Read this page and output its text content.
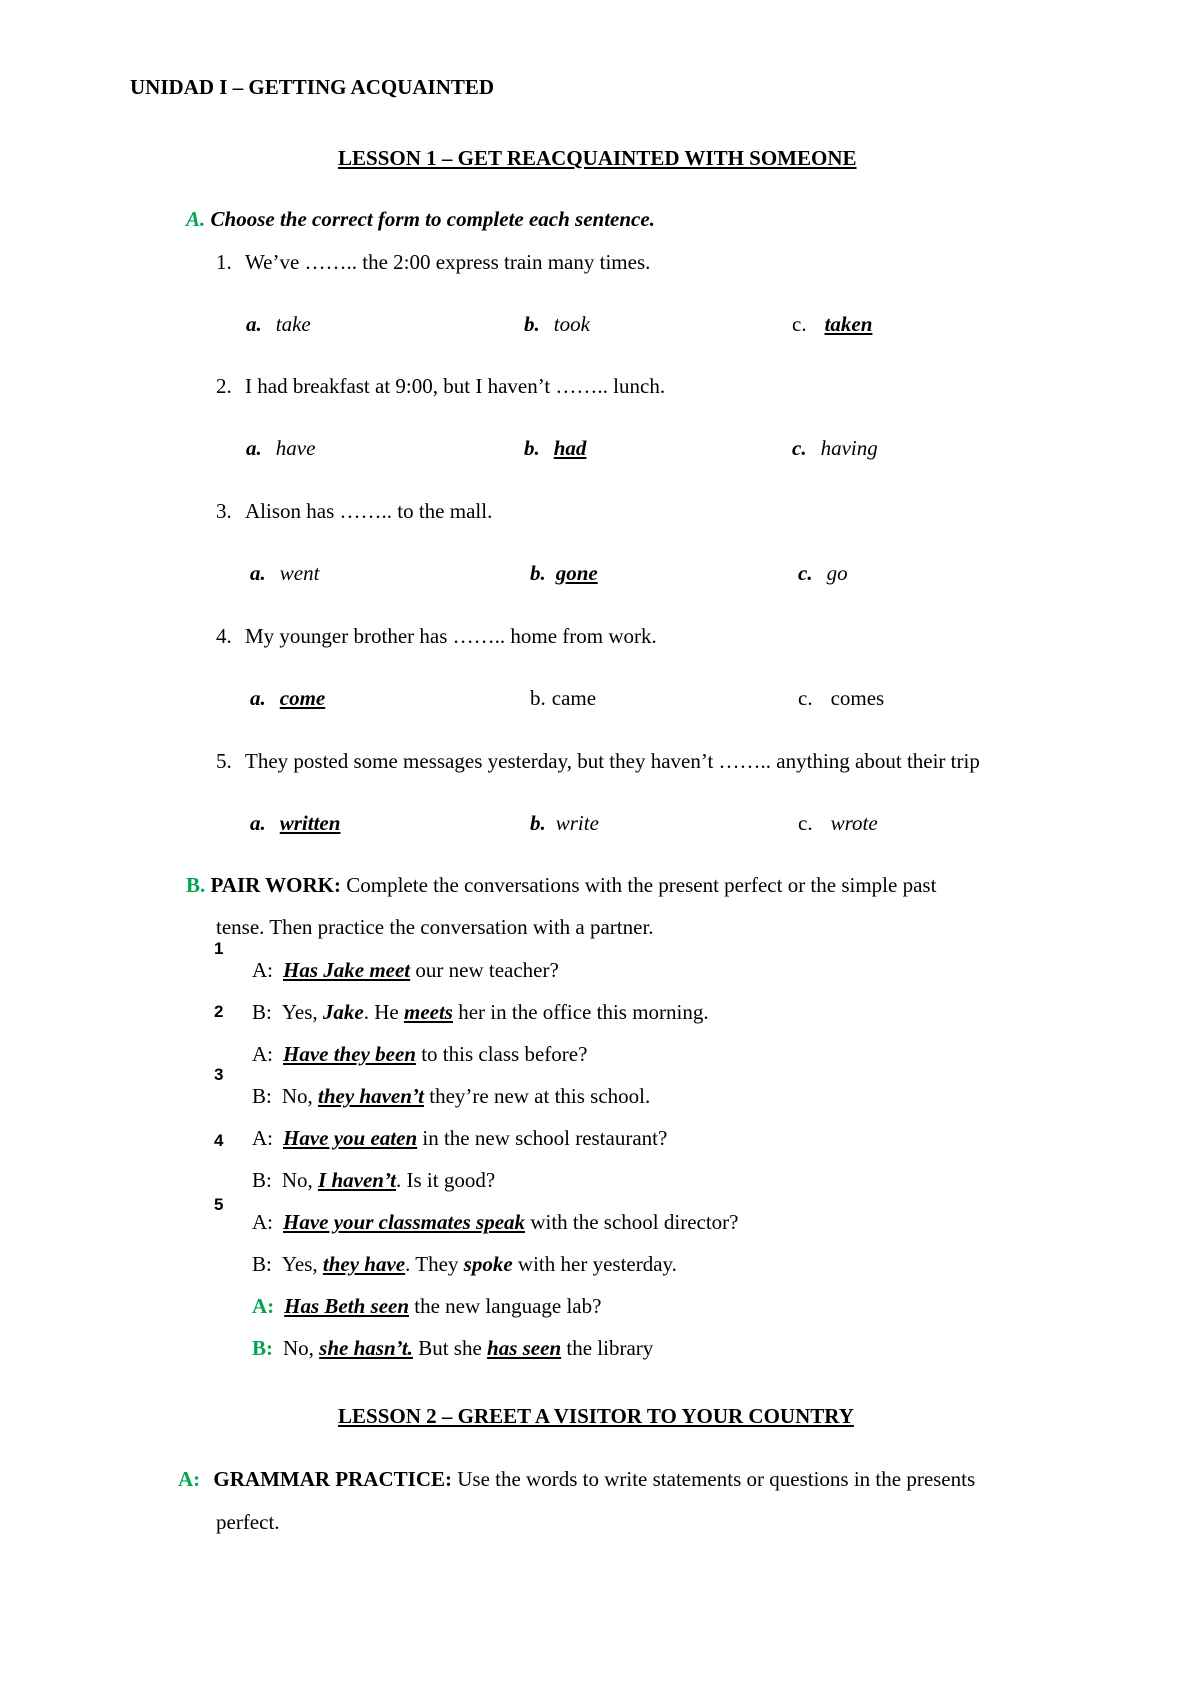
UNIDAD I – GETTING ACQUAINTED
LESSON 1 – GET REACQUAINTED WITH SOMEONE
A. Choose the correct form to complete each sentence.
1. We’ve …….. the 2:00 express train many times.
a. take	b. took	c. taken
2. I had breakfast at 9:00, but I haven’t …….. lunch.
a. have	b. had	c. having
3. Alison has …….. to the mall.
a. went	b. gone	c. go
4. My younger brother has …….. home from work.
a. come	b. came	c. comes
5. They posted some messages yesterday, but they haven’t …….. anything about their trip
a. written	b. write	c. wrote
B. PAIR WORK: Complete the conversations with the present perfect or the simple past
tense. Then practice the conversation with a partner.
1
2
3
4
5
A: Has Jake meet our new teacher?
B: Yes, Jake. He meets her in the office this morning.
A: Have they been to this class before?
B: No, they haven’t they’re new at this school.
A: Have you eaten in the new school restaurant?
B: No, I haven’t. Is it good?
A: Have your classmates speak with the school director?
B: Yes, they have. They spoke with her yesterday.
A: Has Beth seen the new language lab?
B: No, she hasn’t. But she has seen the library
LESSON 2 – GREET A VISITOR TO YOUR COUNTRY
A: GRAMMAR PRACTICE: Use the words to write statements or questions in the presents
perfect.
